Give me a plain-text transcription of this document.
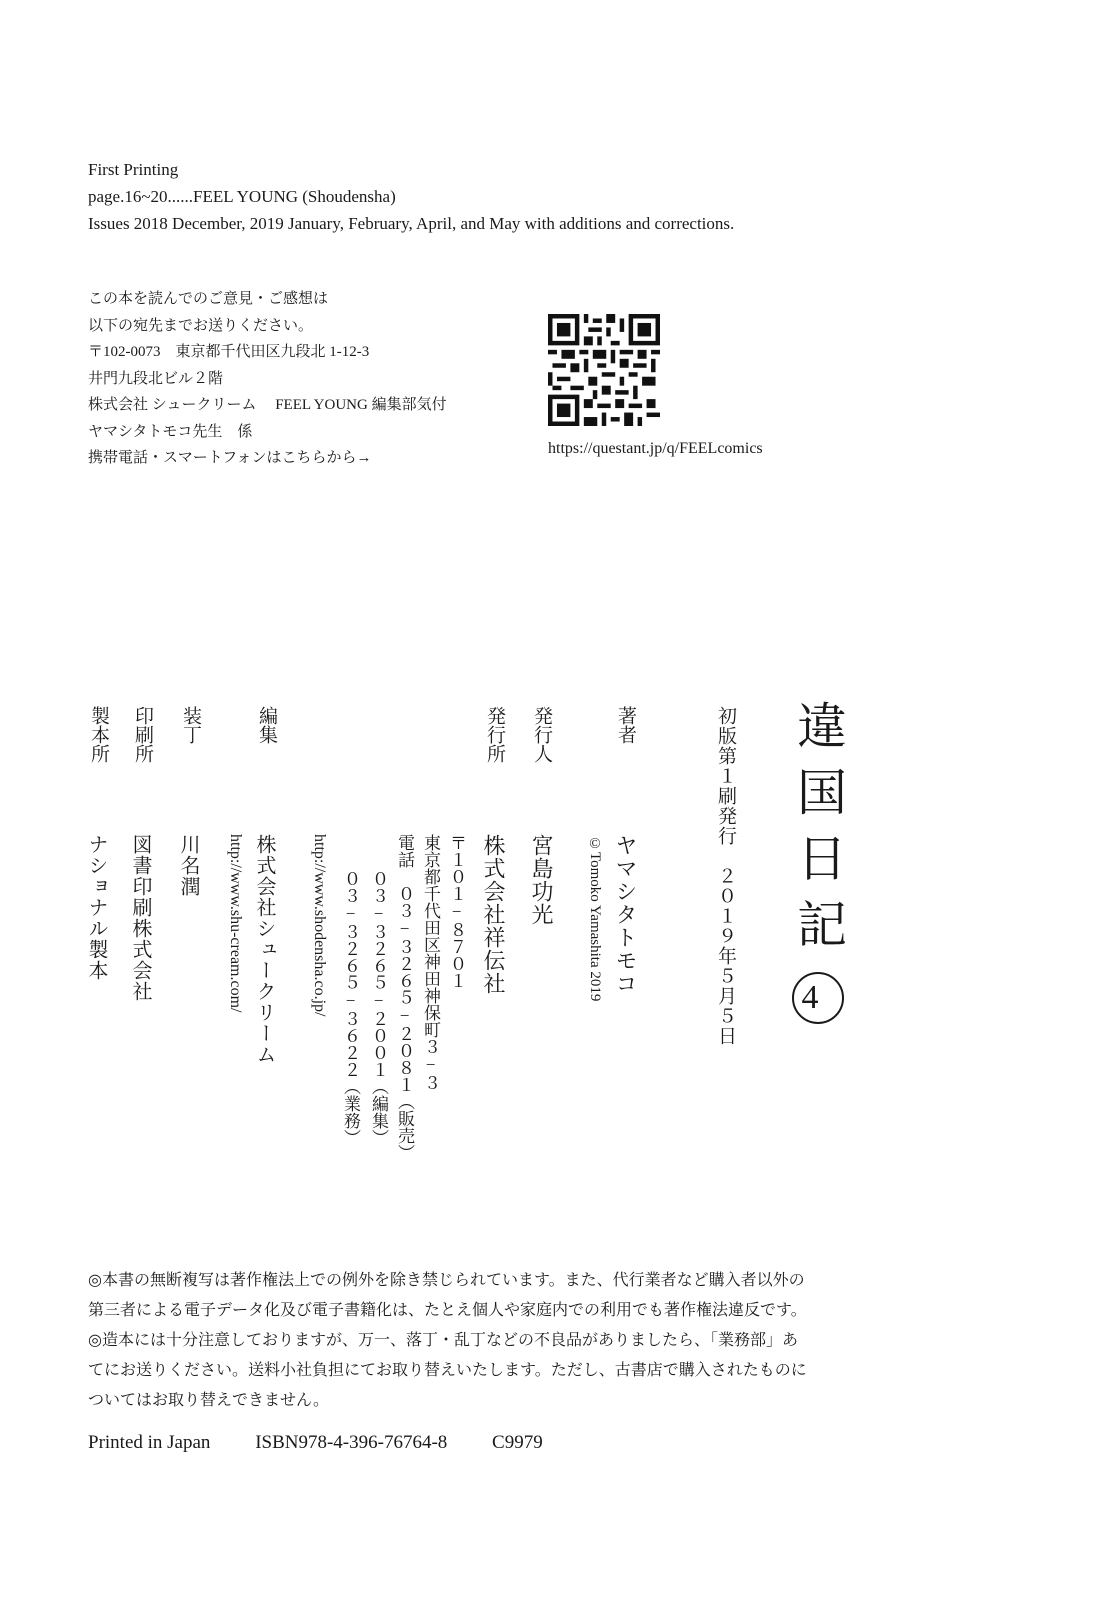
First Printing
page.16~20......FEEL YOUNG (Shoudensha)
Issues 2018 December, 2019 January, February, April, and May with additions and corrections.
この本を読んでのご意見・ご感想は
以下の宛先までお送りください。
〒102-0073　東京都千代田区九段北 1-12-3
井門九段北ビル２階
株式会社 シュークリーム　 FEEL YOUNG 編集部気付
ヤマシタトモコ先生　係
携帯電話・スマートフォンはこちらから→
https://questant.jp/q/FEELcomics
違国日記4
初版第１刷発行　２０１９年５月５日
著者
ヤマシタトモコ
©Tomoko Yamashita 2019
発行人
宮島功光
発行所
株式会社祥伝社
〒１０１−８７０１
東京都千代田区神田神保町３−３
電話　０３−３２６５−２０８１（販売）
０３−３２６５−２００１（編集）
０３−３２６５−３６２２（業務）
http://www.shodensha.co.jp/
編集
株式会社シュークリーム
http://www.shu-cream.com/
装丁
川名潤
印刷所
図書印刷株式会社
製本所
ナショナル製本
◎本書の無断複写は著作権法上での例外を除き禁じられています。また、代行業者など購入者以外の
第三者による電子データ化及び電子書籍化は、たとえ個人や家庭内での利用でも著作権法違反です。
◎造本には十分注意しておりますが、万一、落丁・乱丁などの不良品がありましたら、「業務部」あ
てにお送りください。送料小社負担にてお取り替えいたします。ただし、古書店で購入されたものに
ついてはお取り替えできません。
Printed in Japan ISBN978-4-396-76764-8 C9979
